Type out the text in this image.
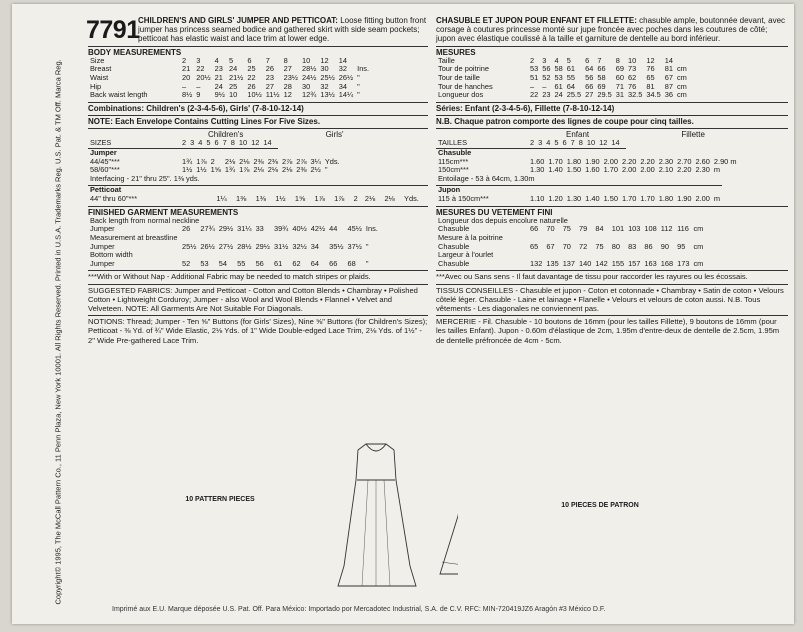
Copyright© 1995, The McCall Pattern Co., 11 Penn Plaza, New York 10001. All Rights Reserved. Printed in U.S.A. Trademarks Reg. U.S. Pat. & TM Off. Marca Reg.
7791
CHILDREN'S AND GIRLS' JUMPER AND PETTICOAT: Loose fitting button front jumper has princess seamed bodice and gathered skirt with side seam pockets; petticoat has elastic waist and lace trim at lower edge.
BODY MEASUREMENTS
Size	2	3	4	5	6	7	8	10	12	14	
Breast	21	22	23	24	25	26	27	28½	30	32	Ins.
Waist	20	20½	21	21½	22	23	23½	24½	25½	26½	"
Hip	–	–	24	25	26	27	28	30	32	34	"
Back waist length	8½	9	9½	10	10½	11½	12	12¾	13½	14¼	"
Combinations: Children's (2-3-4-5-6), Girls' (7-8-10-12-14)
NOTE: Each Envelope Contains Cutting Lines For Five Sizes.
Children's	Girls'
SIZES	2	3	4	5	6	7	8	10	12	14	
Jumper											
44/45"***	1¾	1⅞	2	2⅛	2⅛	2⅜	2⅜	2⅞	2⅞	3¼	Yds.
58/60"***	1½	1½	1⅝	1¾	1⅞	2⅛	2⅛	2⅛	2⅜	2½	"
Interfacing - 21" thru 25". 1⅜ yds.											
Petticoat
44" thru 60"***	1¼	1⅜	1⅜	1½	1⅝	1⅞	1⅞	2	2⅛	2⅛	Yds.
FINISHED GARMENT MEASUREMENTS
Back length from normal neckline											
Jumper	26	27¾	29½	31¼	33	39¾	40½	42½	44	45½	Ins.
Measurement at breastline											
Jumper	25½	26½	27½	28½	29½	31½	32½	34	35½	37½	"
Bottom width											
Jumper	52	53	54	55	56	61	62	64	66	68	"
***With or Without Nap - Additional Fabric may be needed to match stripes or plaids.
SUGGESTED FABRICS: Jumper and Petticoat - Cotton and Cotton Blends • Chambray • Polished Cotton • Lightweight Corduroy; Jumper - also Wool and Wool Blends • Flannel • Velvet and Velveteen. NOTE: All Garments Are Not Suitable For Diagonals.
NOTIONS: Thread; Jumper - Ten ⅝" Buttons (for Girls' Sizes), Nine ⅝" Buttons (for Children's Sizes); Petticoat - ⅜ Yd. of ¾" Wide Elastic, 2⅛ Yds. of 1" Wide Double-edged Lace Trim, 2⅛ Yds. of 1½" - 2" Wide Pre-gathered Lace Trim.
CHASUBLE ET JUPON POUR ENFANT ET FILLETTE: chasuble ample, boutonnée devant, avec corsage à coutures princesse monté sur jupe froncée avec poches dans les coutures de côté; jupon avec élastique coulissé à la taille et garniture de dentelle au bord inférieur.
MESURES
Taille	2	3	4	5	6	7	8	10	12	14	
Tour de poitrine	53	56	58	61	64	66	69	73	76	81	cm
Tour de taille	51	52	53	55	56	58	60	62	65	67	cm
Tour de hanches	–	–	61	64	66	69	71	76	81	87	cm
Longueur dos	22	23	24	25.5	27	29.5	31	32.5	34.5	36	cm
Séries: Enfant (2-3-4-5-6), Fillette (7-8-10-12-14)
N.B. Chaque patron comporte des lignes de coupe pour cinq tailles.
Enfant	Fillette
TAILLES	2	3	4	5	6	7	8	10	12	14	
Chasuble											
115cm***	1.60	1.70	1.80	1.90	2.00	2.20	2.20	2.30	2.70	2.60	2.90 m
150cm***	1.30	1.40	1.50	1.60	1.70	2.00	2.00	2.10	2.20	2.30	m
Entoilage - 53 à 64cm, 1.30m											
Jupon
115 à 150cm***	1.10	1.20	1.30	1.40	1.50	1.70	1.70	1.80	1.90	2.00	m
MESURES DU VETEMENT FINI
Longueur dos depuis encolure naturelle											
Chasuble	66	70	75	79	84	101	103	108	112	116	cm
Mesure à la poitrine											
Chasuble	65	67	70	72	75	80	83	86	90	95	cm
Largeur à l'ourlet											
Chasuble	132	135	137	140	142	155	157	163	168	173	cm
***Avec ou Sans sens - Il faut davantage de tissu pour raccorder les rayures ou les écossais.
TISSUS CONSEILLES - Chasuble et jupon - Coton et cotonnade • Chambray • Satin de coton • Velours côtelé léger. Chasuble - Laine et lainage • Flanelle • Velours et velours de coton aussi. N.B. Tous vêtements - Les diagonales ne conviennent pas.
MERCERIE - Fil. Chasuble - 10 boutons de 16mm (pour les tailles Fillette), 9 boutons de 16mm (pour les tailles Enfant). Jupon - 0.60m d'élastique de 2cm, 1.95m d'entre-deux de dentelle de 2.5cm, 1.95m de dentelle préfroncée de 4cm - 5cm.
10 PATTERN PIECES
10 PIECES DE PATRON
Imprimé aux E.U. Marque déposée U.S. Pat. Off. Para México: Importado por Mercadotec Industrial, S.A. de C.V. RFC: MIN-720419JZ6 Aragón #3 México D.F.
